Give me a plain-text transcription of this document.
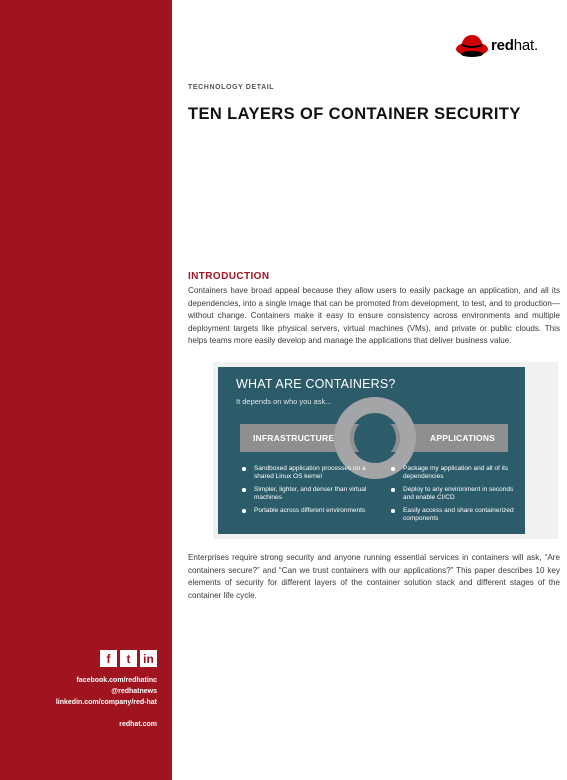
f	t	in
facebook.com/redhatinc
@redhatnews
linkedin.com/company/red-hat
redhat.com
redhat.
TECHNOLOGY DETAIL
TEN LAYERS OF CONTAINER SECURITY
INTRODUCTION

Containers have broad appeal because they allow users to easily package an application, and all its dependencies, into a single image that can be promoted from development, to test, and to production—without change. Containers make it easy to ensure consistency across environments and multiple deployment targets like physical servers, virtual machines (VMs), and private or public clouds. This helps teams more easily develop and manage the applications that deliver business value.

WHAT ARE CONTAINERS?
It depends on who you ask...
INFRASTRUCTURE	APPLICATIONS
Sandboxed application processes on a shared Linux OS kernel
Simpler, lighter, and denser than virtual machines
Portable across different environments
Package my application and all of its dependencies
Deploy to any environment in seconds and enable CI/CD
Easily access and share containerized components

Enterprises require strong security and anyone running essential services in containers will ask, “Are containers secure?” and “Can we trust containers with our applications?” This paper describes 10 key elements of security for different layers of the container solution stack and different stages of the container life cycle.
